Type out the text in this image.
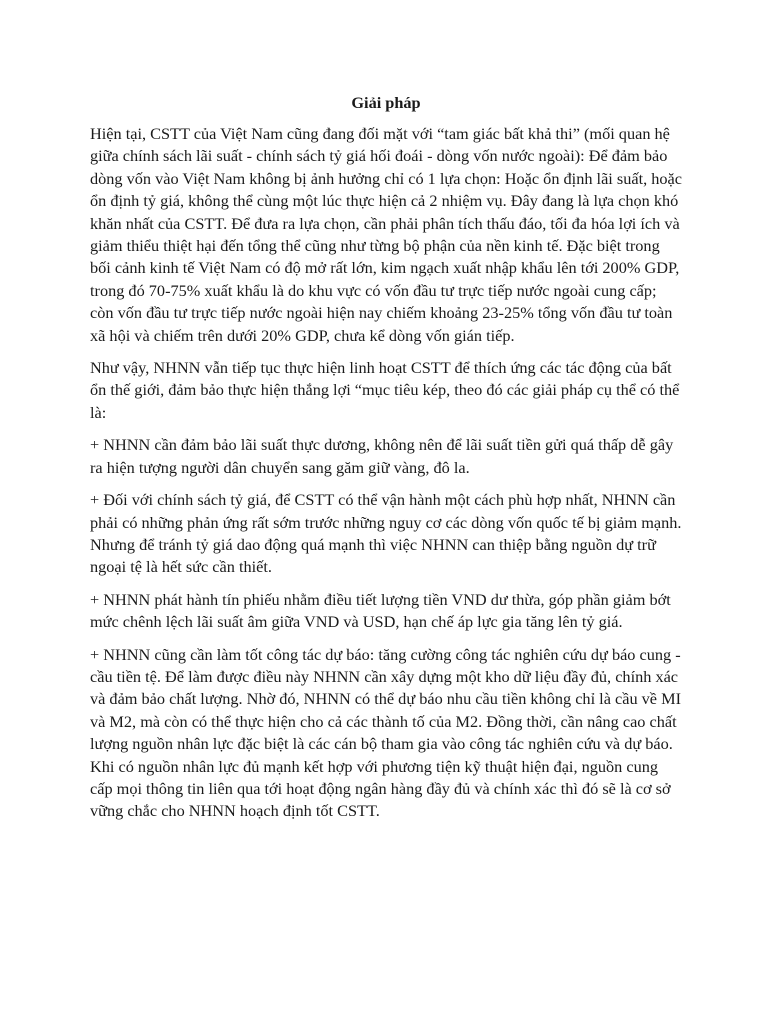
Giải pháp

Hiện tại, CSTT của Việt Nam cũng đang đối mặt với “tam giác bất khả thi” (mối quan hệ giữa chính sách lãi suất - chính sách tỷ giá hối đoái - dòng vốn nước ngoài): Để đảm bảo dòng vốn vào Việt Nam không bị ảnh hưởng chỉ có 1 lựa chọn: Hoặc ổn định lãi suất, hoặc ổn định tỷ giá, không thể cùng một lúc thực hiện cả 2 nhiệm vụ. Đây đang là lựa chọn khó khăn nhất của CSTT. Để đưa ra lựa chọn, cần phải phân tích thấu đáo, tối đa hóa lợi ích và giảm thiểu thiệt hại đến tổng thể cũng như từng bộ phận của nền kinh tế. Đặc biệt trong bối cảnh kinh tế Việt Nam có độ mở rất lớn, kim ngạch xuất nhập khẩu lên tới 200% GDP, trong đó 70-75% xuất khẩu là do khu vực có vốn đầu tư trực tiếp nước ngoài cung cấp; còn vốn đầu tư trực tiếp nước ngoài hiện nay chiếm khoảng 23-25% tổng vốn đầu tư toàn xã hội và chiếm trên dưới 20% GDP, chưa kể dòng vốn gián tiếp.

Như vậy, NHNN vẫn tiếp tục thực hiện linh hoạt CSTT để thích ứng các tác động của bất ổn thế giới, đảm bảo thực hiện thắng lợi “mục tiêu kép, theo đó các giải pháp cụ thể có thể là:

+ NHNN cần đảm bảo lãi suất thực dương, không nên để lãi suất tiền gửi quá thấp dễ gây ra hiện tượng người dân chuyển sang găm giữ vàng, đô la.

+ Đối với chính sách tỷ giá, để CSTT có thể vận hành một cách phù hợp nhất, NHNN cần phải có những phản ứng rất sớm trước những nguy cơ các dòng vốn quốc tế bị giảm mạnh. Nhưng để tránh tỷ giá dao động quá mạnh thì việc NHNN can thiệp bằng nguồn dự trữ ngoại tệ là hết sức cần thiết.

+ NHNN phát hành tín phiếu nhằm điều tiết lượng tiền VND dư thừa, góp phần giảm bớt mức chênh lệch lãi suất âm giữa VND và USD, hạn chế áp lực gia tăng lên tỷ giá.

+ NHNN cũng cần làm tốt công tác dự báo: tăng cường công tác nghiên cứu dự báo cung - cầu tiền tệ. Để làm được điều này NHNN cần xây dựng một kho dữ liệu đầy đủ, chính xác và đảm bảo chất lượng. Nhờ đó, NHNN có thể dự báo nhu cầu tiền không chỉ là cầu về MI và M2, mà còn có thể thực hiện cho cả các thành tố của M2. Đồng thời, cần nâng cao chất lượng nguồn nhân lực đặc biệt là các cán bộ tham gia vào công tác nghiên cứu và dự báo. Khi có nguồn nhân lực đủ mạnh kết hợp với phương tiện kỹ thuật hiện đại, nguồn cung cấp mọi thông tin liên qua tới hoạt động ngân hàng đầy đủ và chính xác thì đó sẽ là cơ sở vững chắc cho NHNN hoạch định tốt CSTT.
